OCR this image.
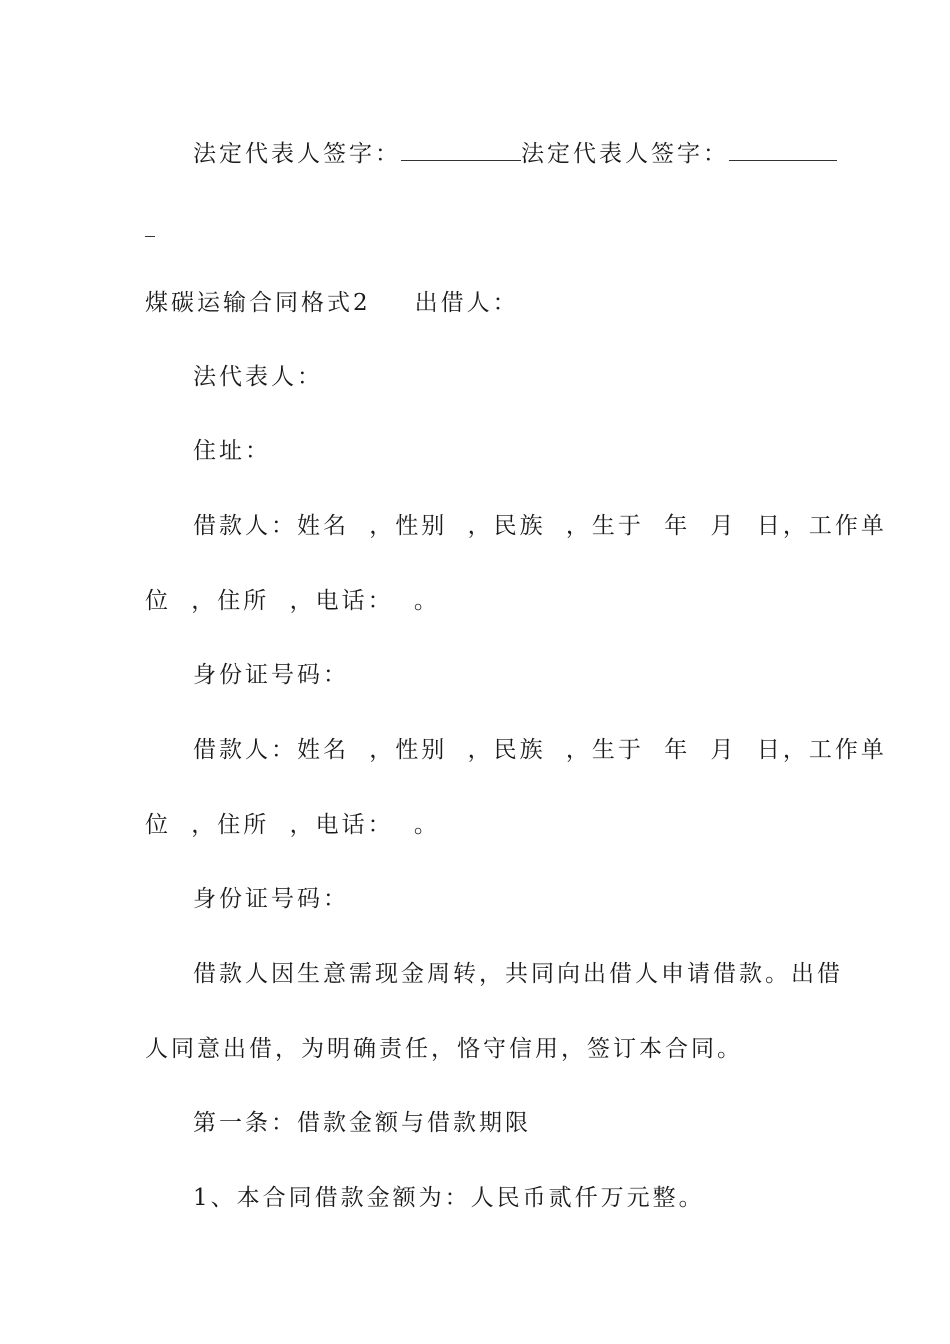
法定代表人签字：	法定代表人签字：
煤碳运输合同格式2 出借人：
法代表人：
住址：
借款人：姓名 ，性别 ，民族 ，生于 年 月 日，工作单
位 ，住所 ，电话： 。
身份证号码：
借款人：姓名 ，性别 ，民族 ，生于 年 月 日，工作单
位 ，住所 ，电话： 。
身份证号码：
借款人因生意需现金周转，共同向出借人申请借款。出借
人同意出借，为明确责任，恪守信用，签订本合同。
第一条：借款金额与借款期限
1、本合同借款金额为：人民币贰仟万元整。
